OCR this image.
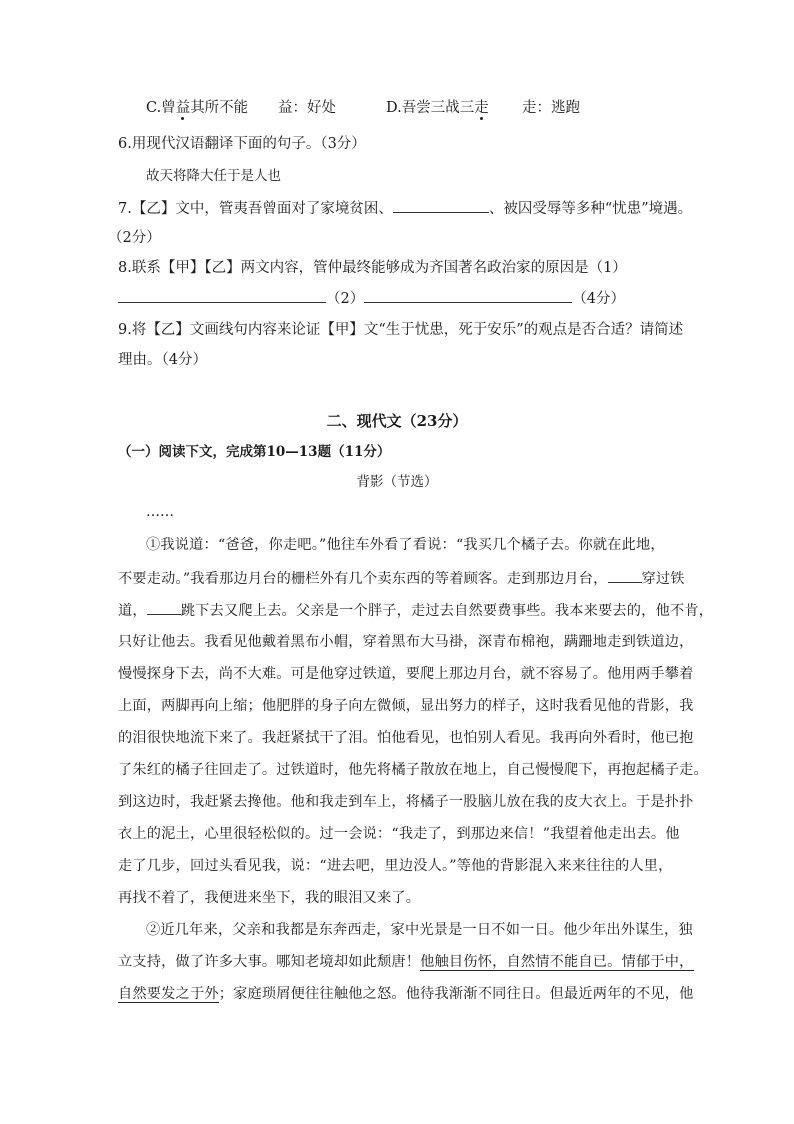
C.曾益其所不能 益：好处	D.吾尝三战三走 走：逃跑
6.用现代汉语翻译下面的句子。（3分）
故天将降大任于是人也
7.【乙】文中，管夷吾曾面对了家境贫困、	、被囚受辱等多种“忧患”境遇。
（2分）
8.联系【甲】【乙】两文内容，管仲最终能够成为齐国著名政治家的原因是（1）
（2）	（4分）
9.将【乙】文画线句内容来论证【甲】文“生于忧患，死于安乐”的观点是否合适？请简述
理由。（4分）
二、现代文（23分）
（一）阅读下文，完成第10—13题（11分）
背影（节选）
……
①我说道：“爸爸，你走吧。”他往车外看了看说：“我买几个橘子去。你就在此地，
不要走动。”我看那边月台的栅栏外有几个卖东西的等着顾客。走到那边月台， 穿过铁
道， 跳下去又爬上去。父亲是一个胖子，走过去自然要费事些。我本来要去的，他不肯，
只好让他去。我看见他戴着黑布小帽，穿着黑布大马褂，深青布棉袍，蹒跚地走到铁道边，
慢慢探身下去，尚不大难。可是他穿过铁道，要爬上那边月台，就不容易了。他用两手攀着
上面，两脚再向上缩；他肥胖的身子向左微倾，显出努力的样子，这时我看见他的背影，我
的泪很快地流下来了。我赶紧拭干了泪。怕他看见，也怕别人看见。我再向外看时，他已抱
了朱红的橘子往回走了。过铁道时，他先将橘子散放在地上，自己慢慢爬下，再抱起橘子走。
到这边时，我赶紧去搀他。他和我走到车上，将橘子一股脑儿放在我的皮大衣上。于是扑扑
衣上的泥土，心里很轻松似的。过一会说：“我走了，到那边来信！”我望着他走出去。他
走了几步，回过头看见我，说：“进去吧，里边没人。”等他的背影混入来来往往的人里，
再找不着了，我便进来坐下，我的眼泪又来了。
②近几年来，父亲和我都是东奔西走，家中光景是一日不如一日。他少年出外谋生，独
立支持，做了许多大事。哪知老境却如此颓唐！他触目伤怀，自然情不能自已。情郁于中，
自然要发之于外；家庭琐屑便往往触他之怒。他待我渐渐不同往日。但最近两年的不见，他
